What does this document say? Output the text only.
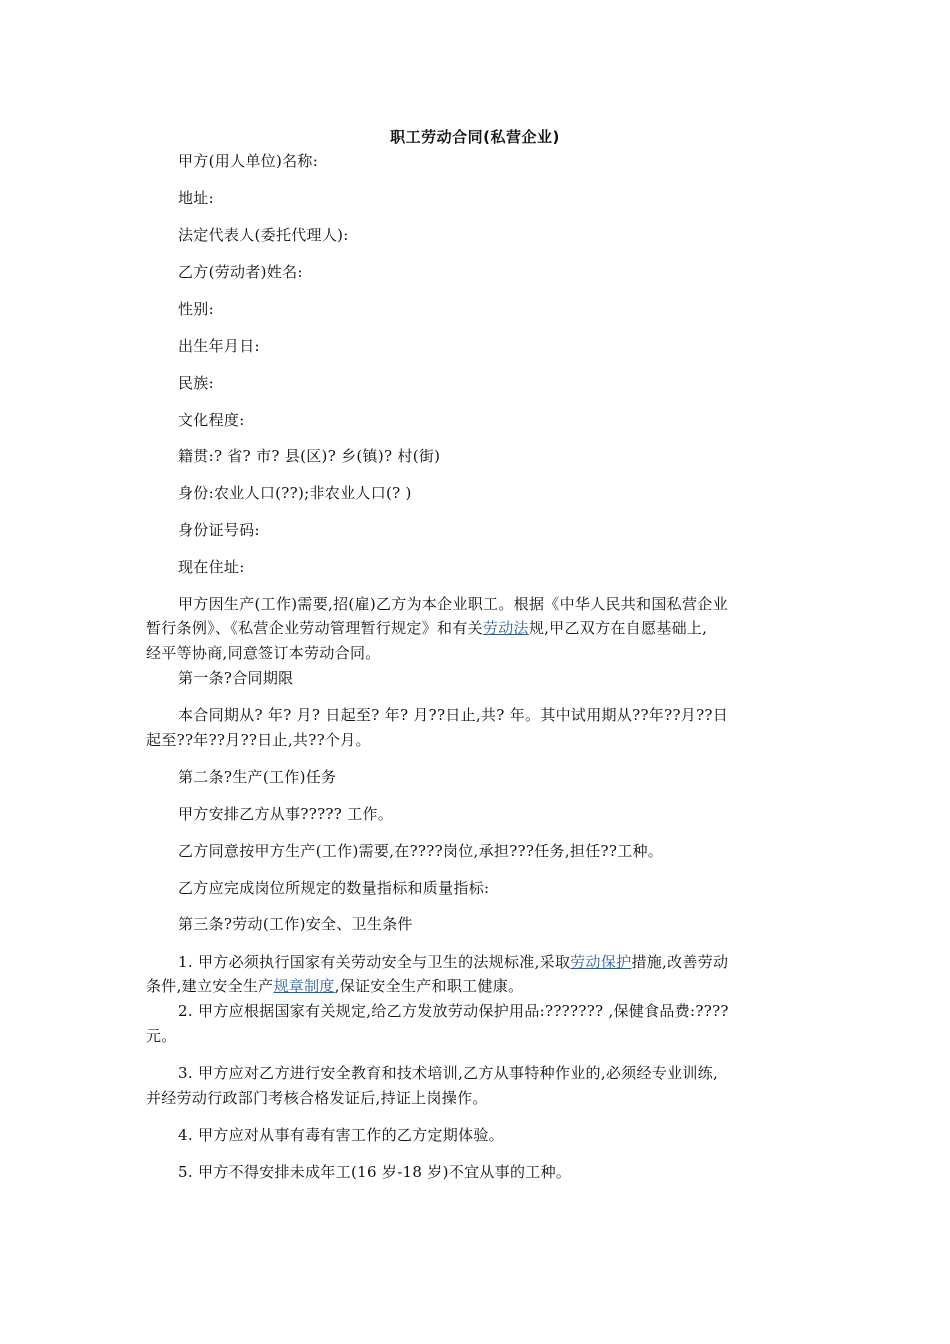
职工劳动合同(私营企业)
甲方(用人单位)名称:
地址:
法定代表人(委托代理人):
乙方(劳动者)姓名:
性别:
出生年月日:
民族:
文化程度:
籍贯:? 省? 市? 县(区)? 乡(镇)? 村(街)
身份:农业人口(??);非农业人口(? )
身份证号码:
现在住址:
甲方因生产(工作)需要,招(雇)乙方为本企业职工。根据《中华人民共和国私营企业
暂行条例》、《私营企业劳动管理暂行规定》和有关劳动法规,甲乙双方在自愿基础上,
经平等协商,同意签订本劳动合同。
第一条?合同期限
本合同期从? 年? 月? 日起至? 年? 月??日止,共? 年。其中试用期从??年??月??日
起至??年??月??日止,共??个月。
第二条?生产(工作)任务
甲方安排乙方从事????? 工作。
乙方同意按甲方生产(工作)需要,在????岗位,承担???任务,担任??工种。
乙方应完成岗位所规定的数量指标和质量指标:
第三条?劳动(工作)安全、卫生条件
1. 甲方必须执行国家有关劳动安全与卫生的法规标准,采取劳动保护措施,改善劳动
条件,建立安全生产规章制度,保证安全生产和职工健康。
2. 甲方应根据国家有关规定,给乙方发放劳动保护用品:??????? ,保健食品费:????
元。
3. 甲方应对乙方进行安全教育和技术培训,乙方从事特种作业的,必须经专业训练,
并经劳动行政部门考核合格发证后,持证上岗操作。
4. 甲方应对从事有毒有害工作的乙方定期体验。
5. 甲方不得安排未成年工(16 岁-18 岁)不宜从事的工种。
